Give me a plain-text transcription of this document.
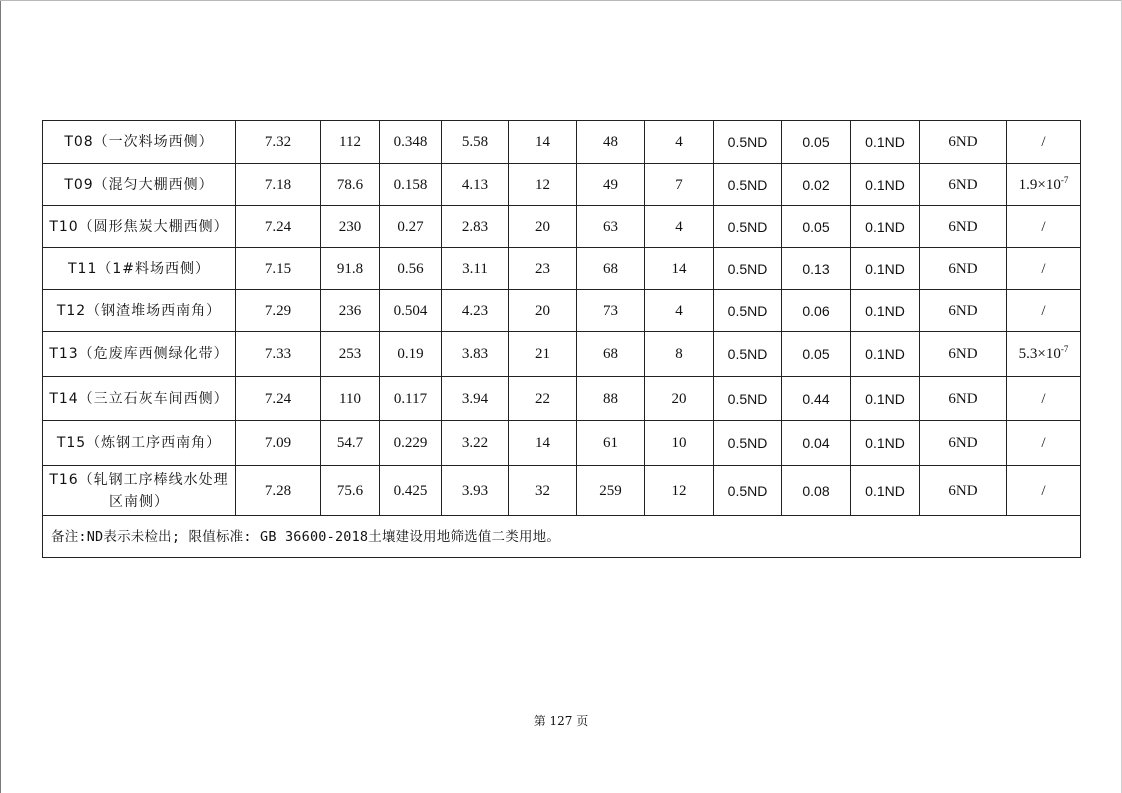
T08（一次料场西侧）	7.32	112	0.348	5.58	14	48	4	0.5ND	0.05	0.1ND	6ND	/
T09（混匀大棚西侧）	7.18	78.6	0.158	4.13	12	49	7	0.5ND	0.02	0.1ND	6ND	$1.9\times 10^{-7}$
T10（圆形焦炭大棚西侧）	7.24	230	0.27	2.83	20	63	4	0.5ND	0.05	0.1ND	6ND	/
T11（1#料场西侧）	7.15	91.8	0.56	3.11	23	68	14	0.5ND	0.13	0.1ND	6ND	/
T12（钢渣堆场西南角）	7.29	236	0.504	4.23	20	73	4	0.5ND	0.06	0.1ND	6ND	/
T13（危废库西侧绿化带）	7.33	253	0.19	3.83	21	68	8	0.5ND	0.05	0.1ND	6ND	$5.3\times 10^{-7}$
T14（三立石灰车间西侧）	7.24	110	0.117	3.94	22	88	20	0.5ND	0.44	0.1ND	6ND	/
T15（炼钢工序西南角）	7.09	54.7	0.229	3.22	14	61	10	0.5ND	0.04	0.1ND	6ND	/
T16（轧钢工序棒线水处理区南侧）	7.28	75.6	0.425	3.93	32	259	12	0.5ND	0.08	0.1ND	6ND	/
备注:ND表示未检出; 限值标准: GB 36600-2018土壤建设用地筛选值二类用地。												
第 127 页
